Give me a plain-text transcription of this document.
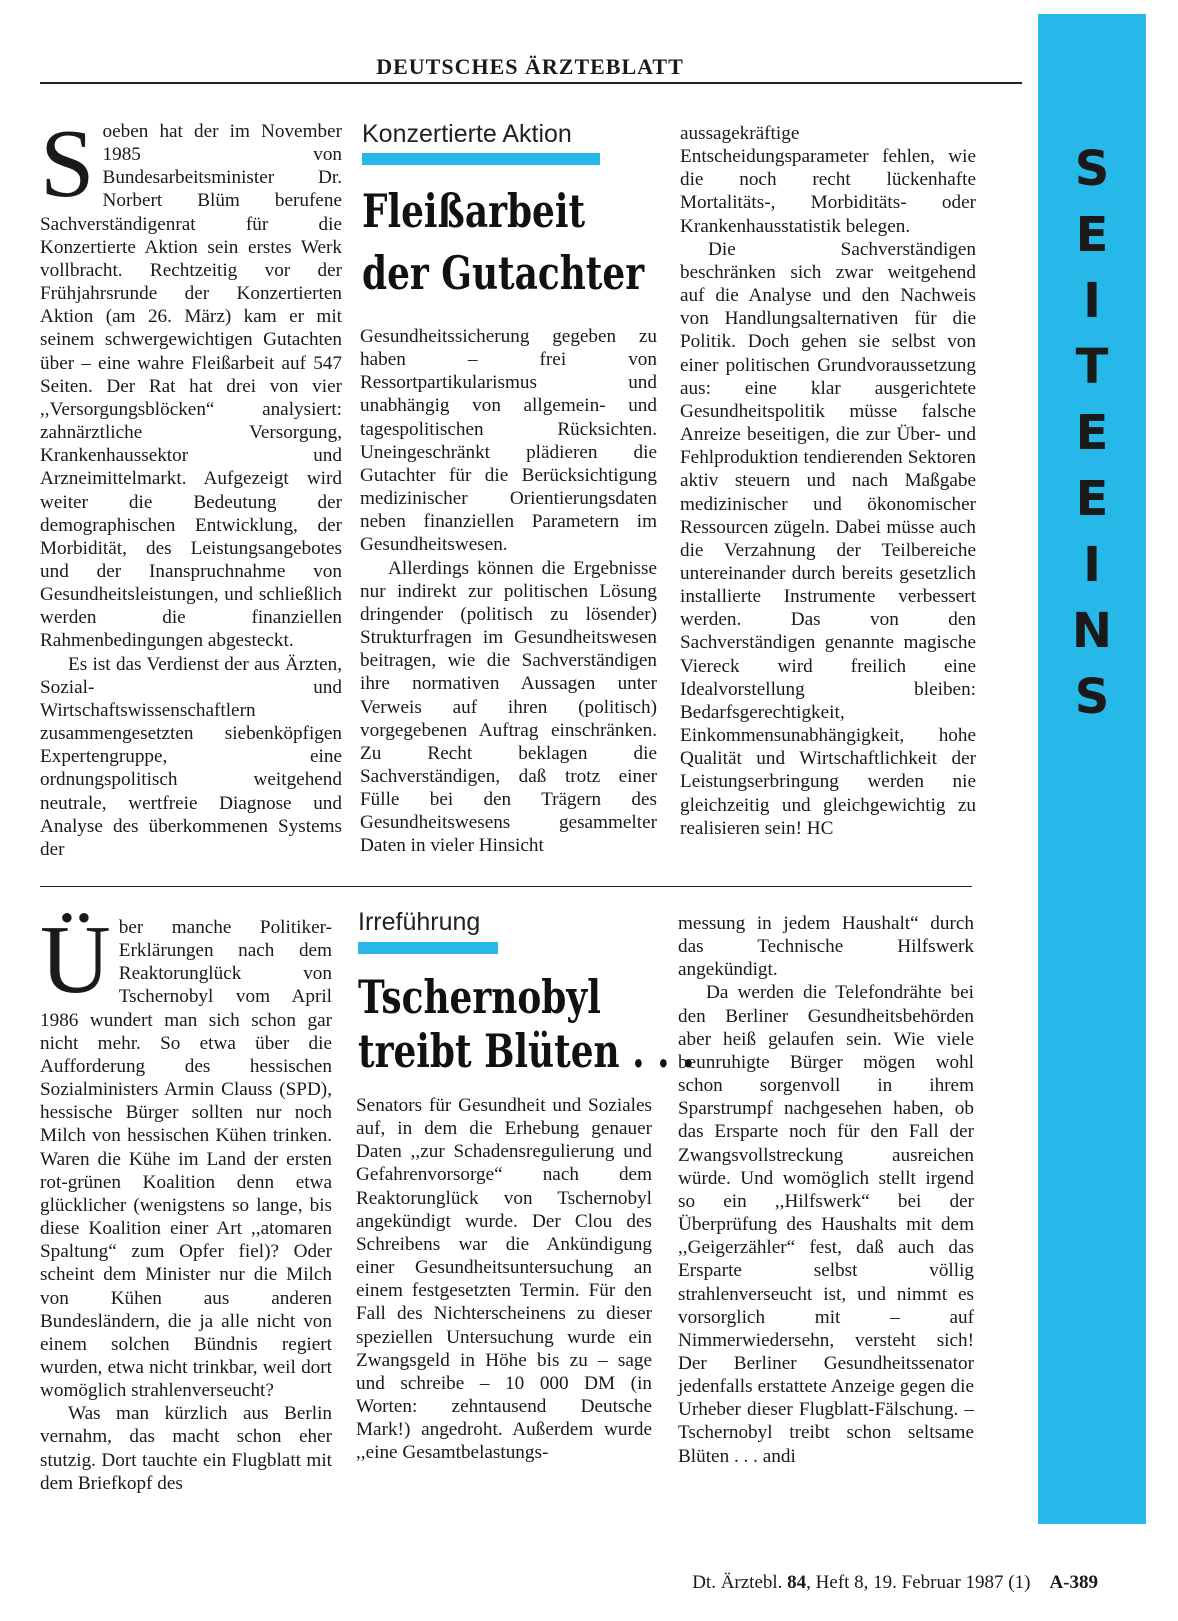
DEUTSCHES ÄRZTEBLATT

Soeben hat der im November 1985 von Bundesarbeitsminister Dr. Norbert Blüm berufene Sachverständigenrat für die Konzertierte Aktion sein erstes Werk vollbracht. Rechtzeitig vor der Frühjahrsrunde der Konzertierten Aktion (am 26. März) kam er mit seinem schwergewichtigen Gutachten über – eine wahre Fleißarbeit auf 547 Seiten. Der Rat hat drei von vier ,,Versorgungsblöcken“ analysiert: zahnärztliche Versorgung, Krankenhaussektor und Arzneimittelmarkt. Aufgezeigt wird weiter die Bedeutung der demographischen Entwicklung, der Morbidität, des Leistungsangebotes und der Inanspruchnahme von Gesundheitsleistungen, und schließlich werden die finanziellen Rahmenbedingungen abgesteckt.

Es ist das Verdienst der aus Ärzten, Sozial- und Wirtschaftswissenschaftlern zusammengesetzten siebenköpfigen Expertengruppe, eine ordnungspolitisch weitgehend neutrale, wertfreie Diagnose und Analyse des überkommenen Systems der

Konzertierte Aktion
Fleißarbeit
der Gutachter

Gesundheitssicherung gegeben zu haben – frei von Ressortpartikularismus und unabhängig von allgemein- und tagespolitischen Rücksichten. Uneingeschränkt plädieren die Gutachter für die Berücksichtigung medizinischer Orientierungsdaten neben finanziellen Parametern im Gesundheitswesen.

Allerdings können die Ergebnisse nur indirekt zur politischen Lösung dringender (politisch zu lösender) Strukturfragen im Gesundheitswesen beitragen, wie die Sachverständigen ihre normativen Aussagen unter Verweis auf ihren (politisch) vorgegebenen Auftrag einschränken. Zu Recht beklagen die Sachverständigen, daß trotz einer Fülle bei den Trägern des Gesundheitswesens gesammelter Daten in vieler Hinsicht

aussagekräftige Entscheidungsparameter fehlen, wie die noch recht lückenhafte Mortalitäts-, Morbiditäts- oder Krankenhausstatistik belegen.

Die Sachverständigen beschränken sich zwar weitgehend auf die Analyse und den Nachweis von Handlungsalternativen für die Politik. Doch gehen sie selbst von einer politischen Grundvoraussetzung aus: eine klar ausgerichtete Gesundheitspolitik müsse falsche Anreize beseitigen, die zur Über- und Fehlproduktion tendierenden Sektoren aktiv steuern und nach Maßgabe medizinischer und ökonomischer Ressourcen zügeln. Dabei müsse auch die Verzahnung der Teilbereiche untereinander durch bereits gesetzlich installierte Instrumente verbessert werden. Das von den Sachverständigen genannte magische Viereck wird freilich eine Idealvorstellung bleiben: Bedarfsgerechtigkeit, Einkommensunabhängigkeit, hohe Qualität und Wirtschaftlichkeit der Leistungserbringung werden nie gleichzeitig und gleichgewichtig zu realisieren sein! HC

Über manche Politiker-Erklärungen nach dem Reaktorunglück von Tschernobyl vom April 1986 wundert man sich schon gar nicht mehr. So etwa über die Aufforderung des hessischen Sozialministers Armin Clauss (SPD), hessische Bürger sollten nur noch Milch von hessischen Kühen trinken. Waren die Kühe im Land der ersten rot-grünen Koalition denn etwa glücklicher (wenigstens so lange, bis diese Koalition einer Art ,,atomaren Spaltung“ zum Opfer fiel)? Oder scheint dem Minister nur die Milch von Kühen aus anderen Bundesländern, die ja alle nicht von einem solchen Bündnis regiert wurden, etwa nicht trinkbar, weil dort womöglich strahlenverseucht?

Was man kürzlich aus Berlin vernahm, das macht schon eher stutzig. Dort tauchte ein Flugblatt mit dem Briefkopf des

Irreführung
Tschernobyl
treibt Blüten . . .

Senators für Gesundheit und Soziales auf, in dem die Erhebung genauer Daten ,,zur Schadensregulierung und Gefahrenvorsorge“ nach dem Reaktorunglück von Tschernobyl angekündigt wurde. Der Clou des Schreibens war die Ankündigung einer Gesundheitsuntersuchung an einem festgesetzten Termin. Für den Fall des Nichterscheinens zu dieser speziellen Untersuchung wurde ein Zwangsgeld in Höhe bis zu – sage und schreibe – 10 000 DM (in Worten: zehntausend Deutsche Mark!) angedroht. Außerdem wurde ,,eine Gesamtbelastungs-

messung in jedem Haushalt“ durch das Technische Hilfswerk angekündigt.

Da werden die Telefondrähte bei den Berliner Gesundheitsbehörden aber heiß gelaufen sein. Wie viele beunruhigte Bürger mögen wohl schon sorgenvoll in ihrem Sparstrumpf nachgesehen haben, ob das Ersparte noch für den Fall der Zwangsvollstreckung ausreichen würde. Und womöglich stellt irgend so ein ,,Hilfswerk“ bei der Überprüfung des Haushalts mit dem ,,Geigerzähler“ fest, daß auch das Ersparte selbst völlig strahlenverseucht ist, und nimmt es vorsorglich mit – auf Nimmerwiedersehn, versteht sich! Der Berliner Gesundheitssenator jedenfalls erstattete Anzeige gegen die Urheber dieser Flugblatt-Fälschung. – Tschernobyl treibt schon seltsame Blüten . . . andi

S
E
I
T
E
E
I
N
S
Dt. Ärztebl. 84, Heft 8, 19. Februar 1987 (1) A-389
